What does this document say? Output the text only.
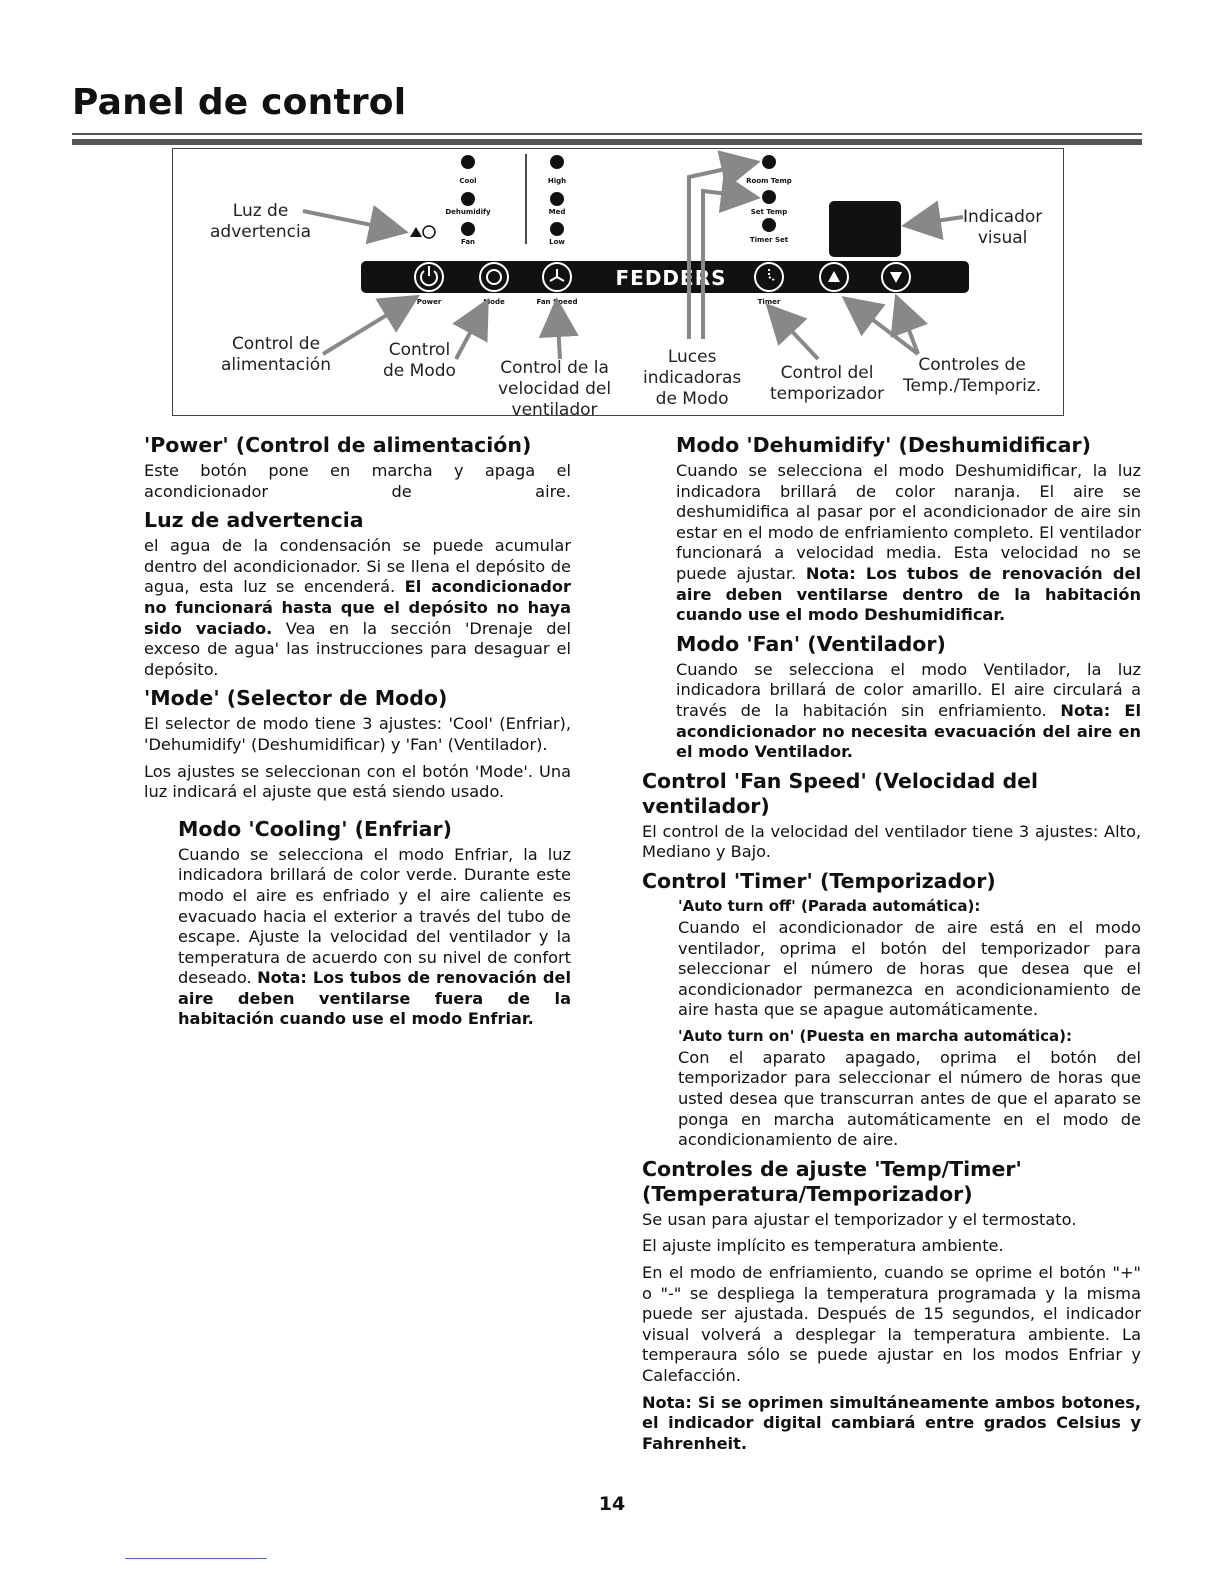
Panel de control
FEDDERS
Cool
Dehumidify
Fan
High
Med
Low
Room Temp
Set Temp
Timer Set
Power	Mode	Fan Speed	Timer
Luz de
advertencia
Indicador
visual
Control de
alimentación
Control
de Modo	Control de la
velocidad del
ventilador
Luces
indicadoras
de Modo
Control del
temporizador
Controles de
Temp./Temporiz.
'Power' (Control de alimentación)

Este botón pone en marcha y apaga el acondicionador de aire.

Luz de advertencia

el agua de la condensación se puede acumular dentro del acondicionador. Si se llena el depósito de agua, esta luz se encenderá. El acondicionador no funcionará hasta que el depósito no haya sido vaciado. Vea en la sección 'Drenaje del exceso de agua' las instrucciones para desaguar el depósito.

'Mode' (Selector de Modo)

El selector de modo tiene 3 ajustes: 'Cool' (Enfriar), 'Dehumidify' (Deshumidificar) y 'Fan' (Ventilador).

Los ajustes se seleccionan con el botón 'Mode'. Una luz indicará el ajuste que está siendo usado.

Modo 'Cooling' (Enfriar)

Cuando se selecciona el modo Enfriar, la luz indicadora brillará de color verde. Durante este modo el aire es enfriado y el aire caliente es evacuado hacia el exterior a través del tubo de escape. Ajuste la velocidad del ventilador y la temperatura de acuerdo con su nivel de confort deseado. Nota: Los tubos de renovación del aire deben ventilarse fuera de la habitación cuando use el modo Enfriar.

Modo 'Dehumidify' (Deshumidificar)

Cuando se selecciona el modo Deshumidificar, la luz indicadora brillará de color naranja. El aire se deshumidifica al pasar por el acondicionador de aire sin estar en el modo de enfriamiento completo. El ventilador funcionará a velocidad media. Esta velocidad no se puede ajustar. Nota: Los tubos de renovación del aire deben ventilarse dentro de la habitación cuando use el modo Deshumidificar.

Modo 'Fan' (Ventilador)

Cuando se selecciona el modo Ventilador, la luz indicadora brillará de color amarillo. El aire circulará a través de la habitación sin enfriamiento. Nota: El acondicionador no necesita evacuación del aire en el modo Ventilador.

Control 'Fan Speed' (Velocidad del ventilador)

El control de la velocidad del ventilador tiene 3 ajustes: Alto, Mediano y Bajo.

Control 'Timer' (Temporizador)
'Auto turn off' (Parada automática):

Cuando el acondicionador de aire está en el modo ventilador, oprima el botón del temporizador para seleccionar el número de horas que desea que el acondicionador permanezca en acondicionamiento de aire hasta que se apague automáticamente.

'Auto turn on' (Puesta en marcha automática):

Con el aparato apagado, oprima el botón del temporizador para seleccionar el número de horas que usted desea que transcurran antes de que el aparato se ponga en marcha automáticamente en el modo de acondicionamiento de aire.

Controles de ajuste 'Temp/Timer'
(Temperatura/Temporizador)

Se usan para ajustar el temporizador y el termostato.

El ajuste implícito es temperatura ambiente.

En el modo de enfriamiento, cuando se oprime el botón "+" o "-" se despliega la temperatura programada y la misma puede ser ajustada. Después de 15 segundos, el indicador visual volverá a desplegar la temperatura ambiente. La temperaura sólo se puede ajustar en los modos Enfriar y Calefacción.

Nota: Si se oprimen simultáneamente ambos botones, el indicador digital cambiará entre grados Celsius y Fahrenheit.

14
